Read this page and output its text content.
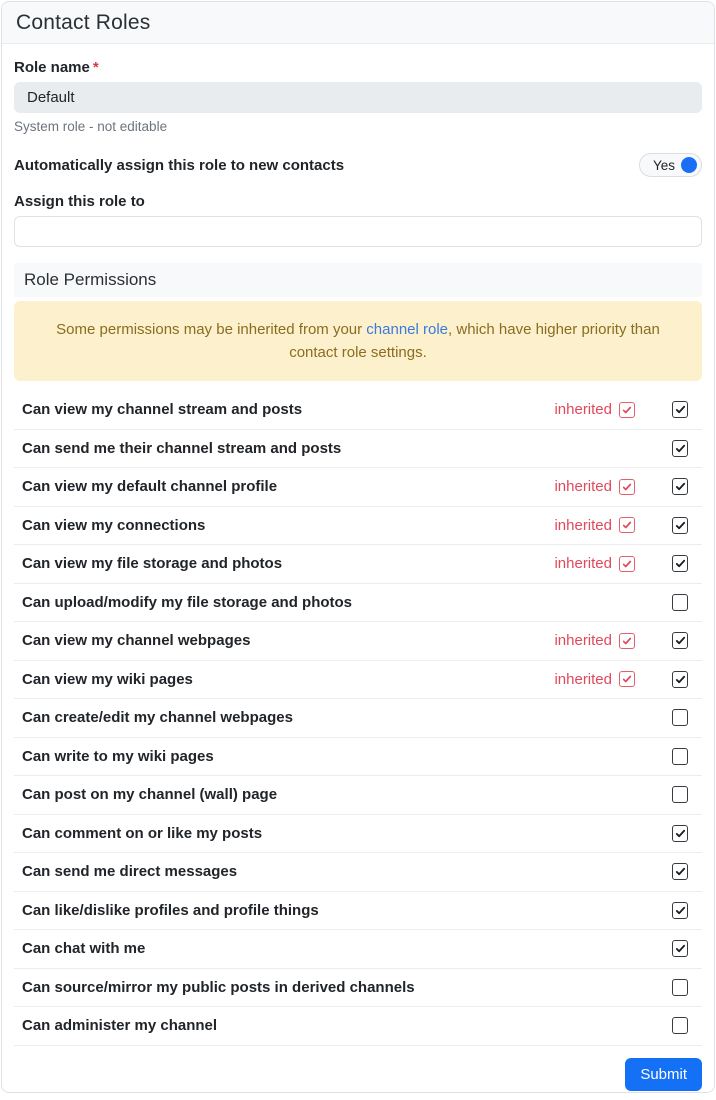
Contact Roles
Role name *
Default
System role - not editable
Automatically assign this role to new contacts	Yes
Assign this role to
Role Permissions
Some permissions may be inherited from your channel role, which have higher priority than contact role settings.
Can view my channel stream and posts	inherited
Can send me their channel stream and posts
Can view my default channel profile	inherited
Can view my connections	inherited
Can view my file storage and photos	inherited
Can upload/modify my file storage and photos
Can view my channel webpages	inherited
Can view my wiki pages	inherited
Can create/edit my channel webpages
Can write to my wiki pages
Can post on my channel (wall) page
Can comment on or like my posts
Can send me direct messages
Can like/dislike profiles and profile things
Can chat with me
Can source/mirror my public posts in derived channels
Can administer my channel
Submit
